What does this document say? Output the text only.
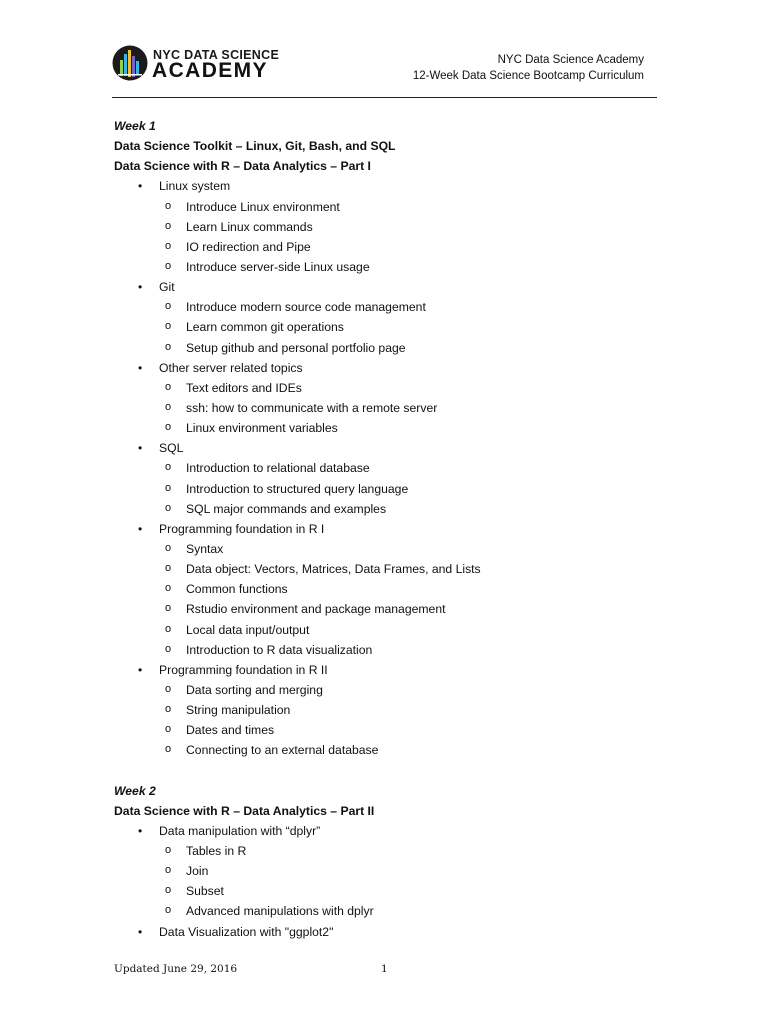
NYC DATA SCIENCE
ACADEMY	NYC Data Science Academy
12-Week Data Science Bootcamp Curriculum
Week 1
Data Science Toolkit – Linux, Git, Bash, and SQL
Data Science with R – Data Analytics – Part I
• Linux system
o Introduce Linux environment
o Learn Linux commands
o IO redirection and Pipe
o Introduce server-side Linux usage
• Git
o Introduce modern source code management
o Learn common git operations
o Setup github and personal portfolio page
• Other server related topics
o Text editors and IDEs
o ssh: how to communicate with a remote server
o Linux environment variables
• SQL
o Introduction to relational database
o Introduction to structured query language
o SQL major commands and examples
• Programming foundation in R I
o Syntax
o Data object: Vectors, Matrices, Data Frames, and Lists
o Common functions
o Rstudio environment and package management
o Local data input/output
o Introduction to R data visualization
• Programming foundation in R II
o Data sorting and merging
o String manipulation
o Dates and times
o Connecting to an external database
Week 2
Data Science with R – Data Analytics – Part II
• Data manipulation with “dplyr”
o Tables in R
o Join
o Subset
o Advanced manipulations with dplyr
• Data Visualization with "ggplot2"
Updated June 29, 2016	1
